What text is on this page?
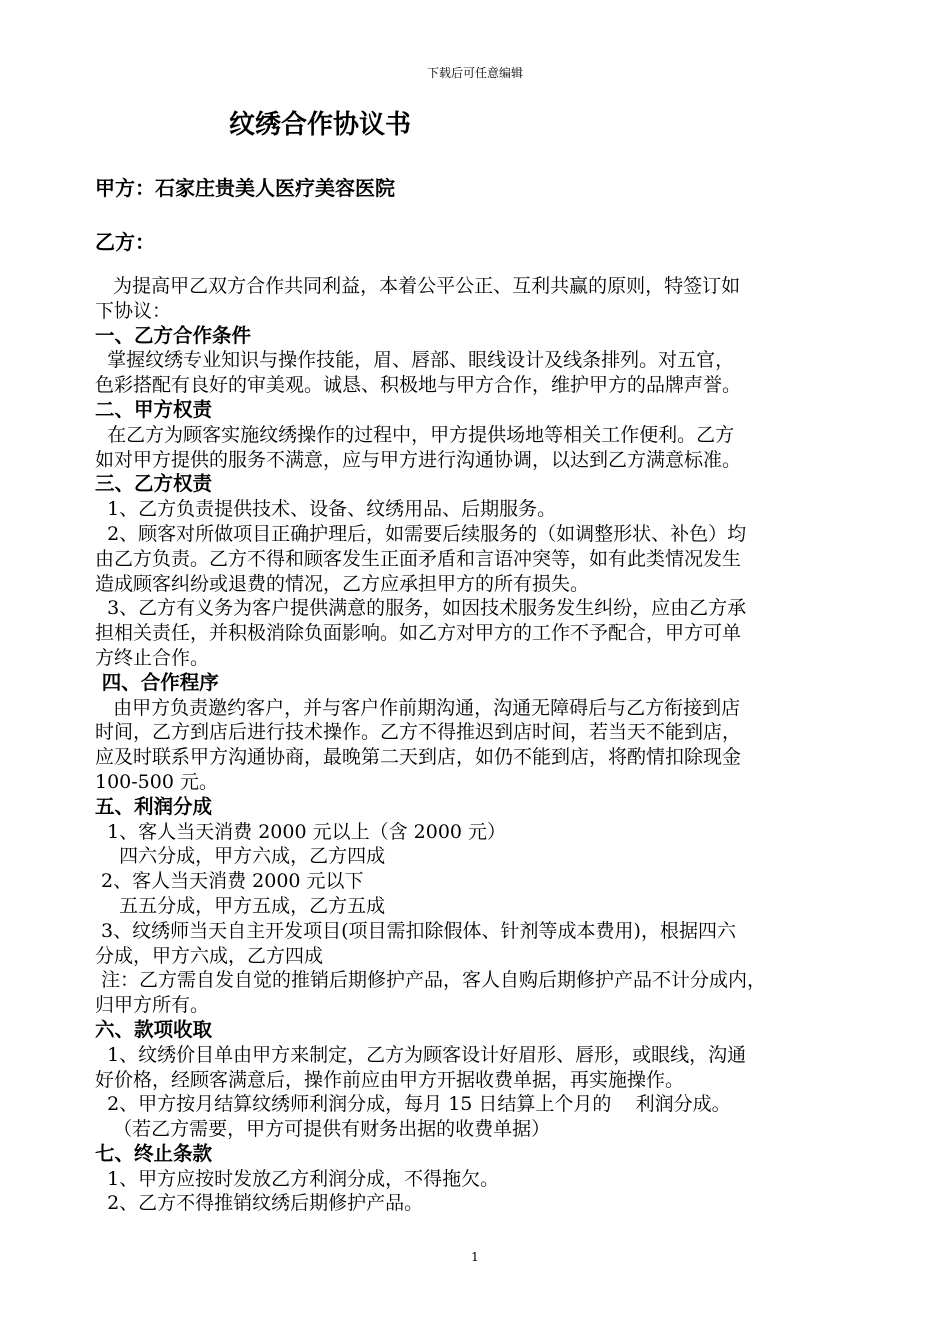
下载后可任意编辑
纹绣合作协议书
甲方：石家庄贵美人医疗美容医院
乙方：
为提高甲乙双方合作共同利益，本着公平公正、互利共赢的原则，特签订如
下协议：
一、乙方合作条件
掌握纹绣专业知识与操作技能，眉、唇部、眼线设计及线条排列。对五官，
色彩搭配有良好的审美观。诚恳、积极地与甲方合作，维护甲方的品牌声誉。
二、甲方权责
在乙方为顾客实施纹绣操作的过程中，甲方提供场地等相关工作便利。乙方
如对甲方提供的服务不满意，应与甲方进行沟通协调，以达到乙方满意标准。
三、乙方权责
1、乙方负责提供技术、设备、纹绣用品、后期服务。
2、顾客对所做项目正确护理后，如需要后续服务的（如调整形状、补色）均
由乙方负责。乙方不得和顾客发生正面矛盾和言语冲突等，如有此类情况发生
造成顾客纠纷或退费的情况，乙方应承担甲方的所有损失。
3、乙方有义务为客户提供满意的服务，如因技术服务发生纠纷，应由乙方承
担相关责任，并积极消除负面影响。如乙方对甲方的工作不予配合，甲方可单
方终止合作。
四、合作程序
由甲方负责邀约客户，并与客户作前期沟通，沟通无障碍后与乙方衔接到店
时间，乙方到店后进行技术操作。乙方不得推迟到店时间，若当天不能到店，
应及时联系甲方沟通协商，最晚第二天到店，如仍不能到店，将酌情扣除现金
100-500 元。
五、利润分成
1、客人当天消费 2000 元以上（含 2000 元）
四六分成，甲方六成，乙方四成
2、客人当天消费 2000 元以下
五五分成，甲方五成，乙方五成
3、纹绣师当天自主开发项目(项目需扣除假体、针剂等成本费用)，根据四六
分成，甲方六成，乙方四成
注：乙方需自发自觉的推销后期修护产品，客人自购后期修护产品不计分成内，
归甲方所有。
六、款项收取
1、纹绣价目单由甲方来制定，乙方为顾客设计好眉形、唇形，或眼线，沟通
好价格，经顾客满意后，操作前应由甲方开据收费单据，再实施操作。
2、甲方按月结算纹绣师利润分成，每月 15 日结算上个月的    利润分成。
（若乙方需要，甲方可提供有财务出据的收费单据）
七、终止条款
1、甲方应按时发放乙方利润分成，不得拖欠。
2、乙方不得推销纹绣后期修护产品。
1
